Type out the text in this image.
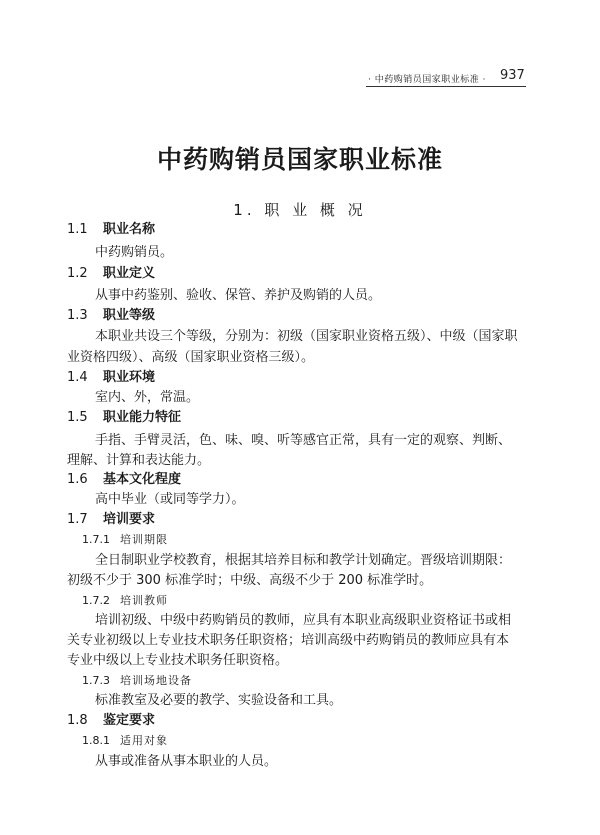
· 中药购销员国家职业标准 · 937
中药购销员国家职业标准
1. 职 业 概 况
1.1 职业名称
中药购销员。
1.2 职业定义
从事中药鉴别、验收、保管、养护及购销的人员。
1.3 职业等级
本职业共设三个等级，分别为：初级（国家职业资格五级）、中级（国家职
业资格四级）、高级（国家职业资格三级）。
1.4 职业环境
室内、外，常温。
1.5 职业能力特征
手指、手臂灵活，色、味、嗅、听等感官正常，具有一定的观察、判断、
理解、计算和表达能力。
1.6 基本文化程度
高中毕业（或同等学力）。
1.7 培训要求
1.7.1 培训期限
全日制职业学校教育，根据其培养目标和教学计划确定。晋级培训期限：
初级不少于 300 标准学时；中级、高级不少于 200 标准学时。
1.7.2 培训教师
培训初级、中级中药购销员的教师，应具有本职业高级职业资格证书或相
关专业初级以上专业技术职务任职资格；培训高级中药购销员的教师应具有本
专业中级以上专业技术职务任职资格。
1.7.3 培训场地设备
标准教室及必要的教学、实验设备和工具。
1.8 鉴定要求
1.8.1 适用对象
从事或准备从事本职业的人员。
